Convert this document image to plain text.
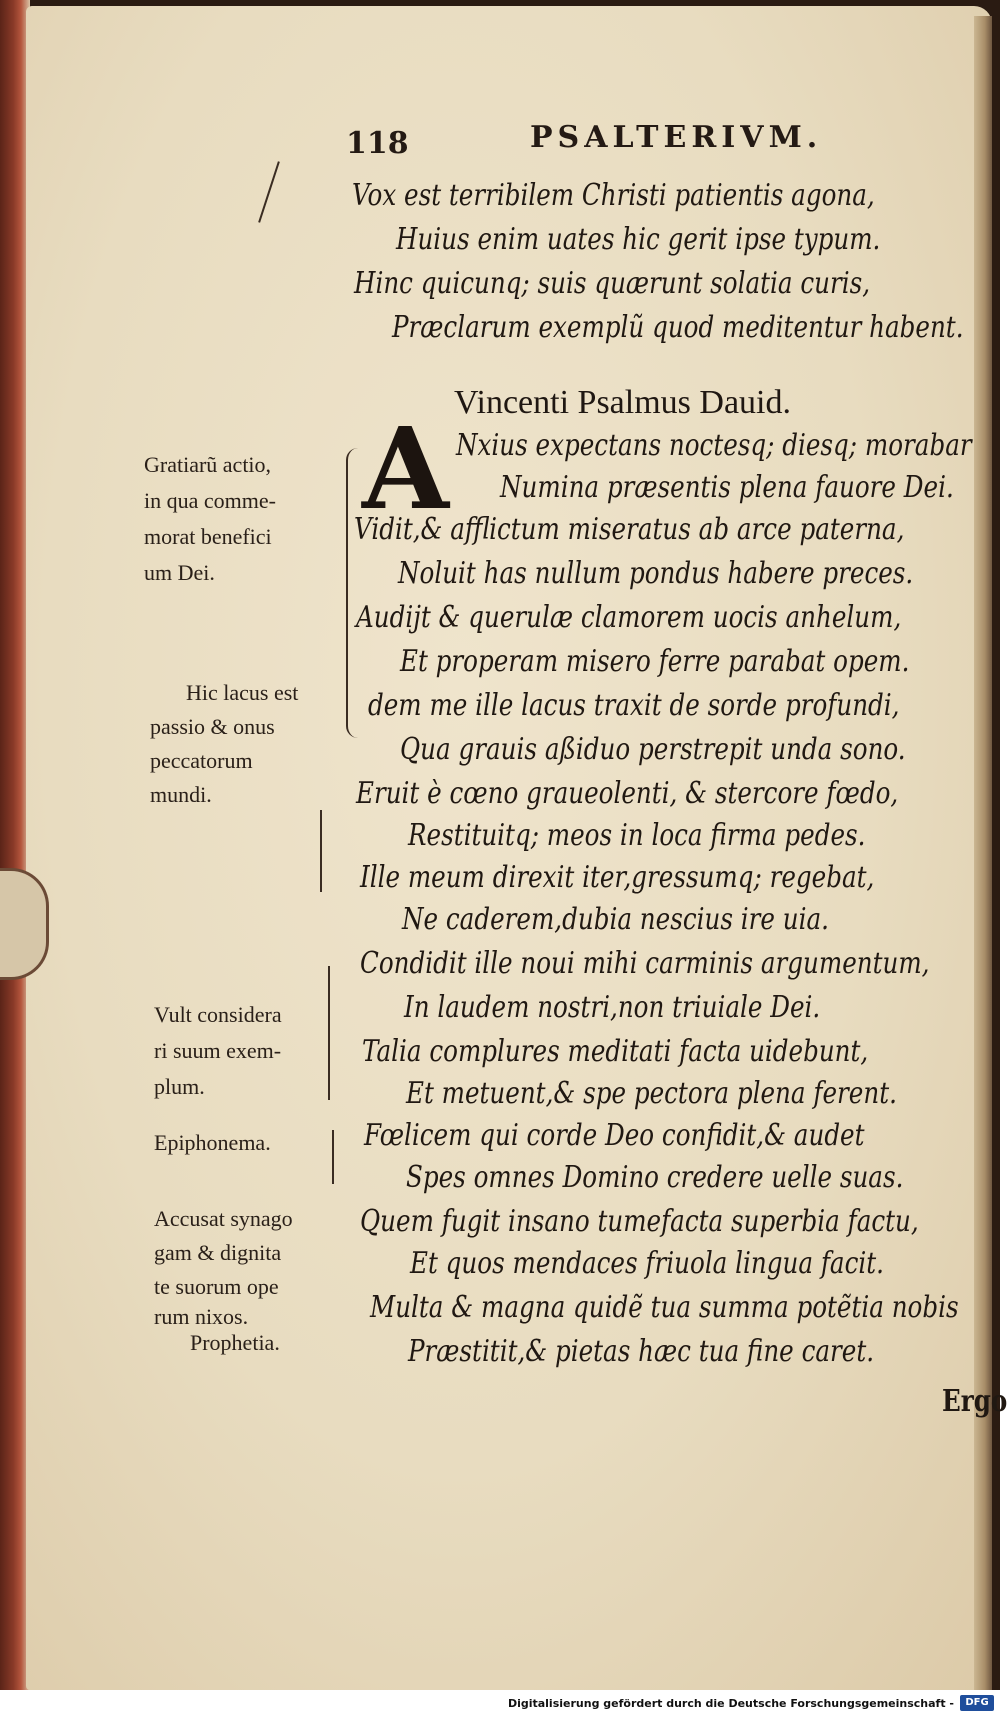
118	PSALTERIVM.
Vox est terribilem Christi patientis agona,
Huius enim uates hic gerit ipse typum.
Hinc quicunq; suis quærunt solatia curis,
Præclarum exemplũ quod meditentur habent.
Vincenti Psalmus Dauid.
A Nxius expectans noctesq; diesq; morabar
Numina præsentis plena fauore Dei.
Vidit,& afflictum miseratus ab arce paterna,
Noluit has nullum pondus habere preces.
Audijt & querulæ clamorem uocis anhelum,
Et properam misero ferre parabat opem.
dem me ille lacus traxit de sorde profundi,
Qua grauis aßiduo perstrepit unda sono.
Eruit è cœno graueolenti, & stercore fœdo,
Restituitq; meos in loca firma pedes.
Ille meum direxit iter,gressumq; regebat,
Ne caderem,dubia nescius ire uia.
Condidit ille noui mihi carminis argumentum,
In laudem nostri,non triuiale Dei.
Talia complures meditati facta uidebunt,
Et metuent,& spe pectora plena ferent.
Fœlicem qui corde Deo confidit,& audet
Spes omnes Domino credere uelle suas.
Quem fugit insano tumefacta superbia factu,
Et quos mendaces friuola lingua facit.
Multa & magna quidẽ tua summa potẽtia nobis
Præstitit,& pietas hæc tua fine caret.
Ergo
Gratiarũ actio,
in qua comme-
morat benefici
um Dei.
Hic lacus est
passio & onus
peccatorum
mundi.
Vult considera
ri suum exem-
plum.
Epiphonema.
Accusat synago
gam & dignita
te suorum ope
rum nixos.
Prophetia.
Digitalisierung gefördert durch die Deutsche Forschungsgemeinschaft -	DFG
